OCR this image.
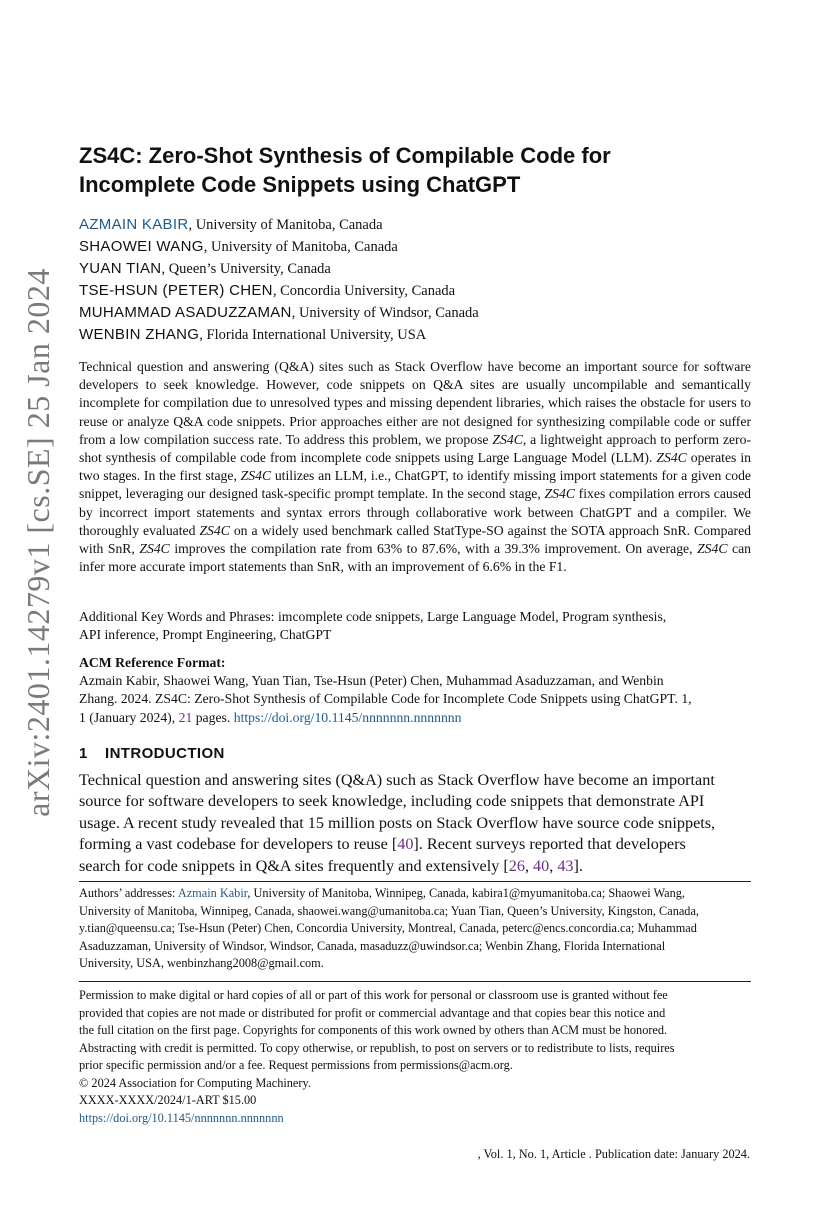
arXiv:2401.14279v1 [cs.SE] 25 Jan 2024
ZS4C: Zero-Shot Synthesis of Compilable Code for
Incomplete Code Snippets using ChatGPT
AZMAIN KABIR, University of Manitoba, Canada
SHAOWEI WANG, University of Manitoba, Canada
YUAN TIAN, Queen’s University, Canada
TSE-HSUN (PETER) CHEN, Concordia University, Canada
MUHAMMAD ASADUZZAMAN, University of Windsor, Canada
WENBIN ZHANG, Florida International University, USA

Technical question and answering (Q&A) sites such as Stack Overflow have become an important source for software developers to seek knowledge. However, code snippets on Q&A sites are usually uncompilable and semantically incomplete for compilation due to unresolved types and missing dependent libraries, which raises the obstacle for users to reuse or analyze Q&A code snippets. Prior approaches either are not designed for synthesizing compilable code or suffer from a low compilation success rate. To address this problem, we propose ZS4C, a lightweight approach to perform zero-shot synthesis of compilable code from incomplete code snippets using Large Language Model (LLM). ZS4C operates in two stages. In the first stage, ZS4C utilizes an LLM, i.e., ChatGPT, to identify missing import statements for a given code snippet, leveraging our designed task-specific prompt template. In the second stage, ZS4C fixes compilation errors caused by incorrect import statements and syntax errors through collaborative work between ChatGPT and a compiler. We thoroughly evaluated ZS4C on a widely used benchmark called StatType-SO against the SOTA approach SnR. Compared with SnR, ZS4C improves the compilation rate from 63% to 87.6%, with a 39.3% improvement. On average, ZS4C can infer more accurate import statements than SnR, with an improvement of 6.6% in the F1.

Additional Key Words and Phrases: imcomplete code snippets, Large Language Model, Program synthesis,
API inference, Prompt Engineering, ChatGPT
ACM Reference Format:
Azmain Kabir, Shaowei Wang, Yuan Tian, Tse-Hsun (Peter) Chen, Muhammad Asaduzzaman, and Wenbin
Zhang. 2024. ZS4C: Zero-Shot Synthesis of Compilable Code for Incomplete Code Snippets using ChatGPT. 1,
1 (January 2024), 21 pages. https://doi.org/10.1145/nnnnnnn.nnnnnnn
1 INTRODUCTION
Technical question and answering sites (Q&A) such as Stack Overflow have become an important
source for software developers to seek knowledge, including code snippets that demonstrate API
usage. A recent study revealed that 15 million posts on Stack Overflow have source code snippets,
forming a vast codebase for developers to reuse [40]. Recent surveys reported that developers
search for code snippets in Q&A sites frequently and extensively [26, 40, 43].
Authors’ addresses: Azmain Kabir, University of Manitoba, Winnipeg, Canada, kabira1@myumanitoba.ca; Shaowei Wang,
University of Manitoba, Winnipeg, Canada, shaowei.wang@umanitoba.ca; Yuan Tian, Queen’s University, Kingston, Canada,
y.tian@queensu.ca; Tse-Hsun (Peter) Chen, Concordia University, Montreal, Canada, peterc@encs.concordia.ca; Muhammad
Asaduzzaman, University of Windsor, Windsor, Canada, masaduzz@uwindsor.ca; Wenbin Zhang, Florida International
University, USA, wenbinzhang2008@gmail.com.
Permission to make digital or hard copies of all or part of this work for personal or classroom use is granted without fee
provided that copies are not made or distributed for profit or commercial advantage and that copies bear this notice and
the full citation on the first page. Copyrights for components of this work owned by others than ACM must be honored.
Abstracting with credit is permitted. To copy otherwise, or republish, to post on servers or to redistribute to lists, requires
prior specific permission and/or a fee. Request permissions from permissions@acm.org.
© 2024 Association for Computing Machinery.
XXXX-XXXX/2024/1-ART $15.00
https://doi.org/10.1145/nnnnnnn.nnnnnnn
, Vol. 1, No. 1, Article . Publication date: January 2024.
